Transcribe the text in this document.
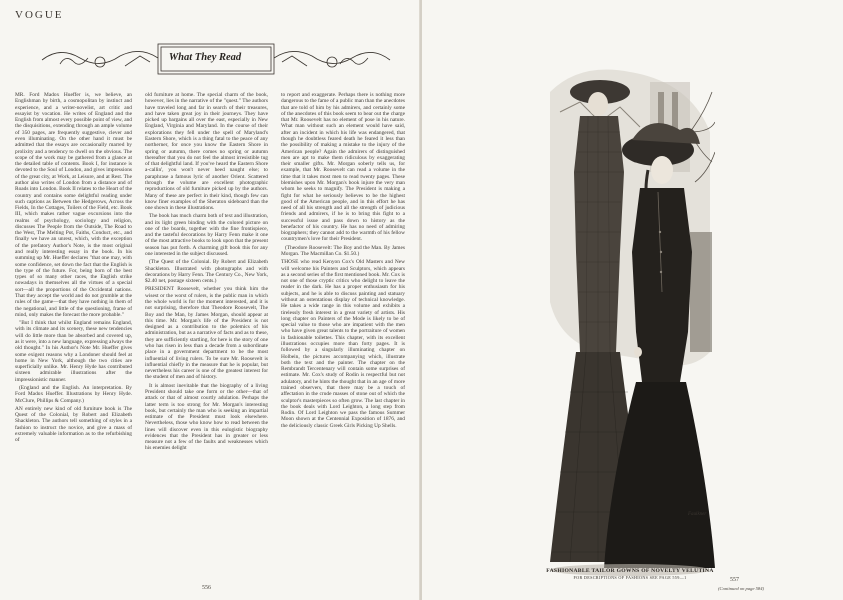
VOGUE
What They Read

MR. Ford Madox Hueffer is, we believe, an Englishman by birth, a cosmopolitan by instinct and experience, and a writer-novelist, art critic and essayist by vocation. He writes of England and the English from almost every possible point of view, and the disquisitions, extending through an ample volume of 350 pages, are frequently suggestive, clever and even illuminating. On the other hand it must be admitted that the essays are occasionally marred by prolixity and a tendency to dwell on the obvious. The scope of the work may be gathered from a glance at the detailed table of contents. Book I, for instance is devoted to the Soul of London, and gives impressions of the great city, at Work, at Leisure, and at Rest. The author also writes of London from a distance and of Roads into London. Book II relates to the Heart of the country and contains some delightful reading under such captions as Between the Hedgerows, Across the Fields, In the Cottages, Toilers of the Field, etc. Book III, which makes rather vague excursions into the realms of psychology, sociology and religion, discusses The People from the Outside, The Road to the West, The Melting Pot, Faiths, Conduct, etc., and finally we have an unrest, which, with the exception of the prefatory Author's Note, is the most original and really interesting essay in the book. In his summing up Mr. Hueffer declares "that one may, with some confidence, set down the fact that the English is the type of the future. For, being born of the best types of so many other races, the English strike nowadays in themselves all the virtues of a special sort—all the proportions of the Occidental nations. That they accept the world and do not grumble at the rules of the game—that they have nothing in them of the negational, and little of the questioning, frame of mind, only makes the forecast the more probable."

"But I think that whilst England remains England, with its climate and its scenery, these new tendencies will do little more than be absorbed and covered up, as it were, into a new language, expressing always the old thought." In his Author's Note Mr. Hueffer gives some exigent reasons why a Londoner should feel at home in New York, although the two cities are superficially unlike. Mr. Henry Hyde has contributed sixteen admirable illustrations after the impressionistic manner.

(England and the English. An interpretation. By Ford Madox Hueffer. Illustrations by Henry Hyde. McClure, Phillips & Company.)

AN entirely new kind of old furniture book is The Quest of the Colonial, by Robert and Elizabeth Shackleton. The authors tell something of styles in a fashion to instruct the novice, and give a mass of extremely valuable information as to the refurbishing of

old furniture at home. The special charm of the book, however, lies in the narrative of the "quest." The authors have traveled long and far in search of their treasures, and have taken great joy in their journeys. They have picked up bargains all over the east, especially in New England, Virginia and Maryland. In the course of their explorations they fell under the spell of Maryland's Eastern Shore, which is a thing fatal to the peace of any northerner, for once you know the Eastern Shore in spring or autumn, there comes no spring or autumn thereafter that you do not feel the almost irresistible tug of that delightful land. If you've heard the Eastern Shore a-callin', you won't never heed naught else; to paraphrase a famous lyric of another Orient. Scattered through the volume are excellent photographic reproductions of old furniture picked up by the authors. Many of these are perfect in their kind, though few can know finer examples of the Sheraton sideboard than the one shown in these illustrations.

The book has much charm both of text and illustration, and its light green binding with the colored picture on one of the boards, together with the fine frontispiece, and the tasteful decorations by Harry Fenn make it one of the most attractive books to look upon that the present season has put forth. A charming gift book this for any one interested in the subject discussed.

(The Quest of the Colonial. By Robert and Elizabeth Shackleton. Illustrated with photographs and with decorations by Harry Fenn. The Century Co., New York, $2.40 net, postage sixteen cents.)

PRESIDENT Roosevelt, whether you think him the wisest or the worst of rulers, is the public man in which the whole world is for the moment interested, and it is not surprising, therefore that Theodore Roosevelt, The Boy and the Man, by James Morgan, should appear at this time. Mr. Morgan's life of the President is not designed as a contribution to the polemics of his administration, but as a narrative of facts and as to these, they are sufficiently startling, for here is the story of one who has risen in less than a decade from a subordinate place in a government department to be the most influential of living rulers. To be sure Mr. Roosevelt is influential chiefly in the measure that he is popular, but nevertheless his career is one of the greatest interest for the student of men and of history.

It is almost inevitable that the biography of a living President should take one form or the other—that of attack or that of almost courtly adulation. Perhaps the latter term is too strong for Mr. Morgan's interesting book, but certainly the man who is seeking an impartial estimate of the President must look elsewhere. Nevertheless, those who know how to read between the lines will discover even in this eulogistic biography evidences that the President has in greater or less measure not a few of the faults and weaknesses which his enemies delight

to report and exaggerate. Perhaps there is nothing more dangerous to the fame of a public man than the anecdotes that are told of him by his admirers, and certainly some of the anecdotes of this book seem to bear out the charge that Mr. Roosevelt has no element of pose in his nature. What man without such an element would have said, after an incident in which his life was endangered, that though he doubtless feared death he feared it less than the possibility of making a mistake to the injury of the American people? Again the admirers of distinguished men are apt to make them ridiculous by exaggerating their smaller gifts. Mr. Morgan soberly tells us, for example, that Mr. Roosevelt can read a volume in the time that it takes most men to read twenty pages. These blemishes upon Mr. Morgan's book injure the very man whom he seeks to magnify. The President is making a fight for what he seriously believes to be the highest good of the American people, and in this effort he has need of all his strength and all the strength of judicious friends and admirers, if he is to bring this fight to a successful issue and pass down to history as the benefactor of his country. He has no need of admiring biographers; they cannot add to the warmth of his fellow countrymen's love for their President.

(Theodore Roosevelt: The Boy and the Man. By James Morgan. The Macmillan Co. $1.50.)

THOSE who read Kenyon Cox's Old Masters and New will welcome his Painters and Sculptors, which appears as a second series of the first mentioned book. Mr. Cox is not one of those cryptic critics who delight to leave the reader in the dark. He has a proper enthusiasm for his subjects, and he is able to discuss painting and statuary without an ostentatious display of technical knowledge. He takes a wide range in this volume and exhibits a tirelessly fresh interest in a great variety of artists. His long chapter on Painters of the Mode is likely to be of special value to those who are impatient with the men who have given great talents to the portraiture of women in fashionable toilettes. This chapter, with its excellent illustrations occupies more than forty pages. It is followed by a singularly illuminating chapter on Holbein, the pictures accompanying which, illustrate both the text and the painter. The chapter on the Rembrandt Tercentenary will contain some surprises of estimate. Mr. Cox's study of Rodin is respectful but not adulatory, and he hints the thought that in an age of more trained observers, that there may be a touch of affectation in the crude masses of stone out of which the sculptor's masterpieces so often grow. The last chapter in the book deals with Lord Leighton, a long step from Rodin. Of Lord Leighton we pass the famous Summer Moon shown at the Centennial Exposition of 1876, and the deliciously classic Greek Girls Picking Up Shells.

556
Faulkner
FASHIONABLE TAILOR GOWNS OF NOVELTY VELUTINA
FOR DESCRIPTIONS OF FASHIONS SEE PAGE 559—1	557
(Continued on page 584)
